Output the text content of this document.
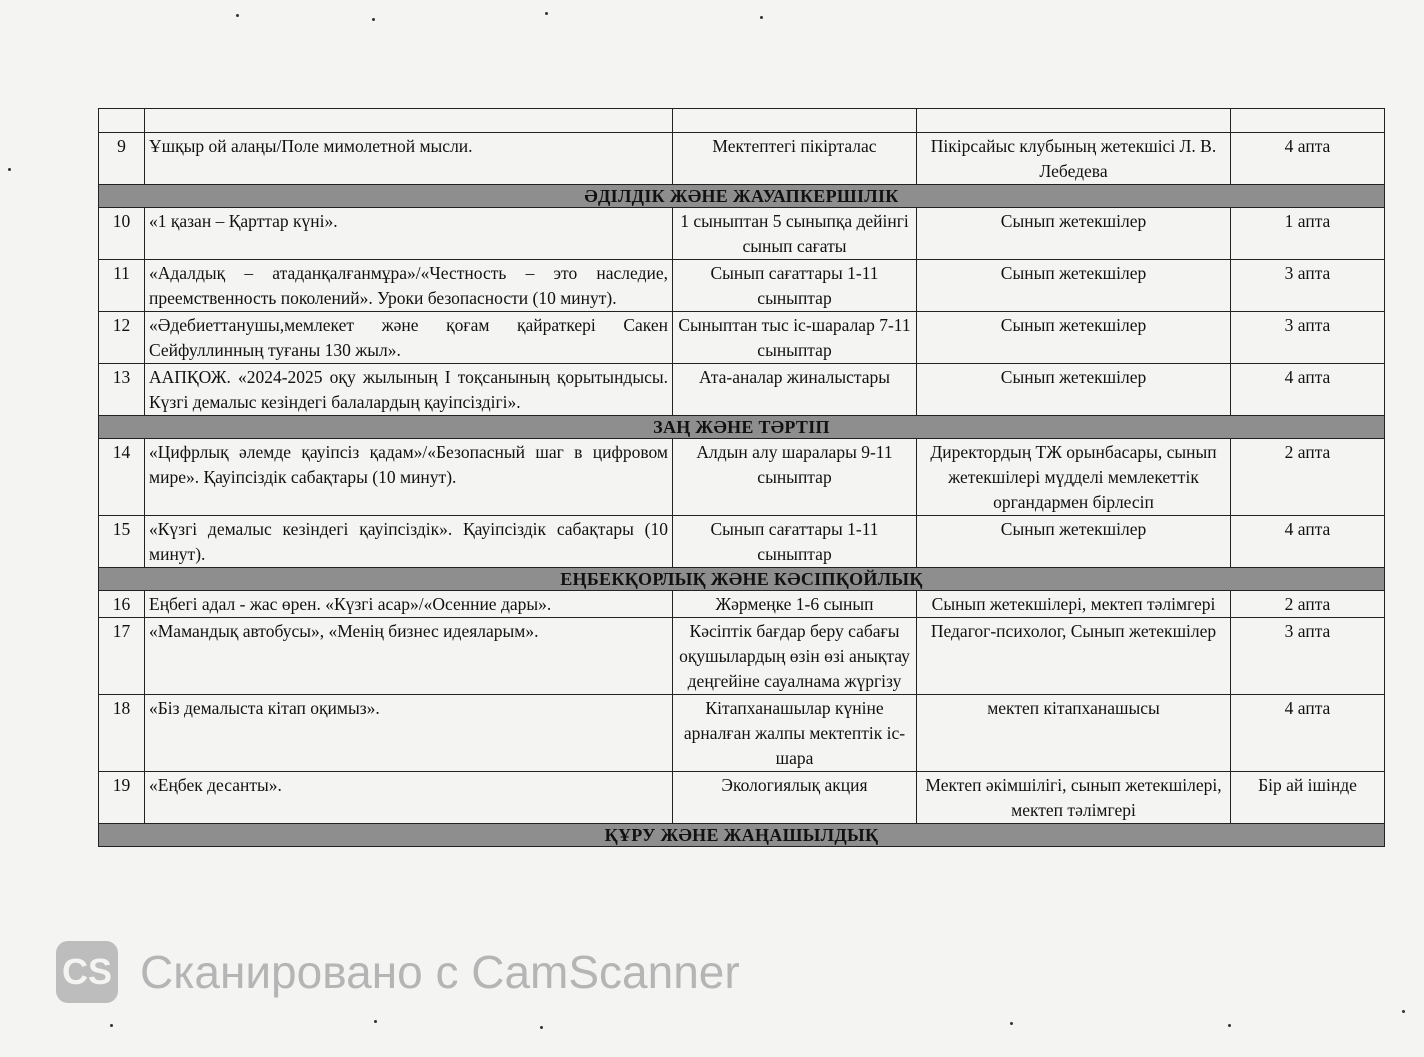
9	Ұшқыр ой алаңы/Поле мимолетной мысли.	Мектептегі пікірталас	Пікірсайыс клубының жетекшісі Л. В. Лебедева	4 апта
ӘДІЛДІК ЖӘНЕ ЖАУАПКЕРШІЛІК				
10	«1 қазан – Қарттар күні».	1 сыныптан 5 сыныпқа дейінгі сынып сағаты	Сынып жетекшілер	1 апта
11	«Адалдық – атаданқалғанмұра»/«Честность – это наследие, преемственность поколений». Уроки безопасности (10 минут).	Сынып сағаттары 1-11 сыныптар	Сынып жетекшілер	3 апта
12	«Әдебиеттанушы,мемлекет және қоғам қайраткері Сакен Сейфуллинның туғаны 130 жыл».	Сыныптан тыс іс-шаралар 7-11 сыныптар	Сынып жетекшілер	3 апта
13	ААПҚОЖ. «2024-2025 оқу жылының І тоқсанының қорытындысы. Күзгі демалыс кезіндегі балалардың қауіпсіздігі».	Ата-аналар жиналыстары	Сынып жетекшілер	4 апта
ЗАҢ ЖӘНЕ ТӘРТІП				
14	«Цифрлық әлемде қауіпсіз қадам»/«Безопасный шаг в цифровом мире». Қауіпсіздік сабақтары (10 минут).	Алдын алу шаралары 9-11 сыныптар	Директордың ТЖ орынбасары, сынып жетекшілері мүдделі мемлекеттік органдармен бірлесіп	2 апта
15	«Күзгі демалыс кезіндегі қауіпсіздік». Қауіпсіздік сабақтары (10 минут).	Сынып сағаттары 1-11 сыныптар	Сынып жетекшілер	4 апта
ЕҢБЕКҚОРЛЫҚ ЖӘНЕ КӘСІПҚОЙЛЫҚ				
16	Еңбегі адал - жас өрен. «Күзгі асар»/«Осенние дары».	Жәрмеңке 1-6 сынып	Сынып жетекшілері, мектеп тәлімгері	2 апта
17	«Мамандық автобусы», «Менің бизнес идеяларым».	Кәсіптік бағдар беру сабағы оқушылардың өзін өзі анықтау деңгейіне сауалнама жүргізу	Педагог-психолог, Сынып жетекшілер	3 апта
18	«Біз демалыста кітап оқимыз».	Кітапханашылар күніне арналған жалпы мектептік іс-шара	мектеп кітапханашысы	4 апта
19	«Еңбек десанты».	Экологиялық акция	Мектеп әкімшілігі, сынып жетекшілері, мектеп тәлімгері	Бір ай ішінде
ҚҰРУ ЖӘНЕ ЖАҢАШЫЛДЫҚ				
CS Сканировано с CamScanner
